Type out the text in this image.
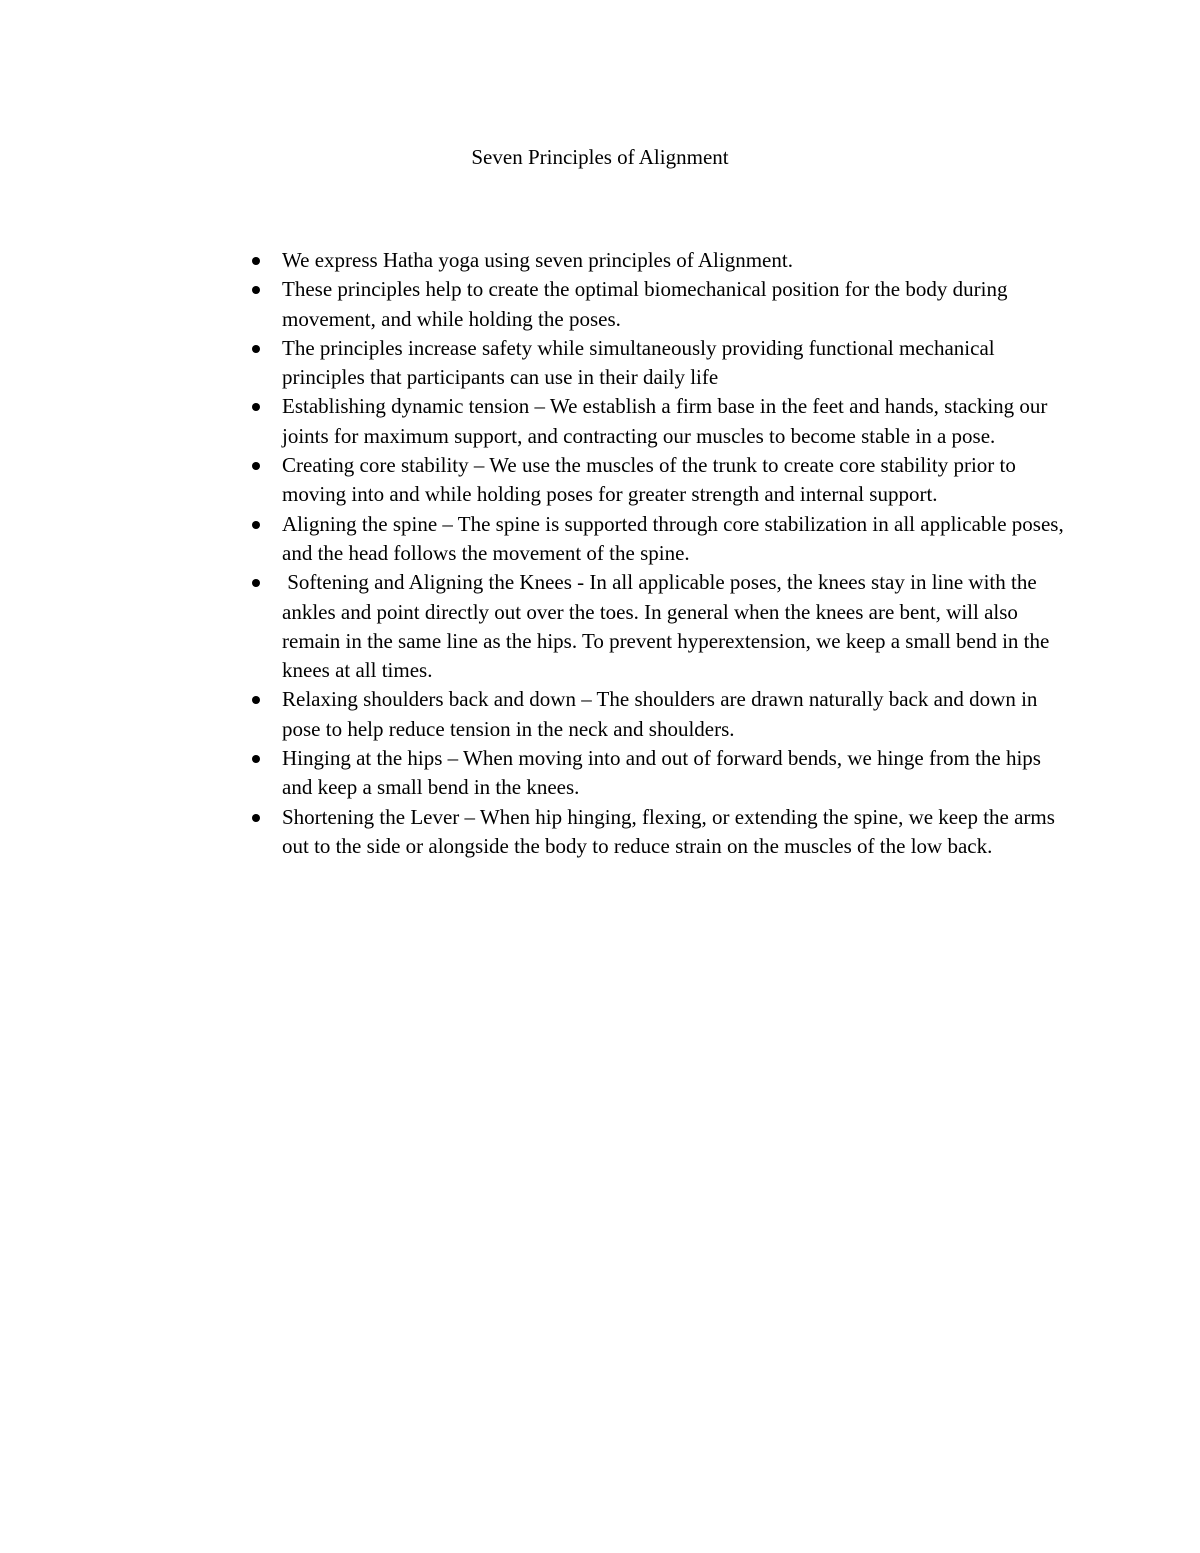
Seven Principles of Alignment
We express Hatha yoga using seven principles of Alignment.
These principles help to create the optimal biomechanical position for the body during movement, and while holding the poses.
The principles increase safety while simultaneously providing functional mechanical principles that participants can use in their daily life
Establishing dynamic tension – We establish a firm base in the feet and hands, stacking our joints for maximum support, and contracting our muscles to become stable in a pose.
Creating core stability – We use the muscles of the trunk to create core stability prior to moving into and while holding poses for greater strength and internal support.
Aligning the spine – The spine is supported through core stabilization in all applicable poses, and the head follows the movement of the spine.
Softening and Aligning the Knees - In all applicable poses, the knees stay in line with the ankles and point directly out over the toes. In general when the knees are bent, will also remain in the same line as the hips. To prevent hyperextension, we keep a small bend in the knees at all times.
Relaxing shoulders back and down – The shoulders are drawn naturally back and down in pose to help reduce tension in the neck and shoulders.
Hinging at the hips – When moving into and out of forward bends, we hinge from the hips and keep a small bend in the knees.
Shortening the Lever – When hip hinging, flexing, or extending the spine, we keep the arms out to the side or alongside the body to reduce strain on the muscles of the low back.
